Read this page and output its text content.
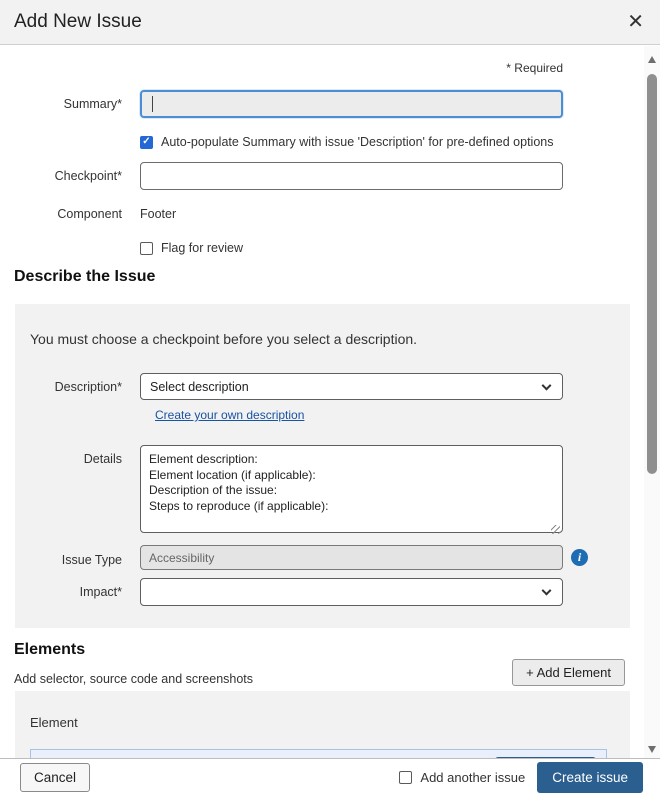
Add New Issue	✕
* Required
Summary*
✓ Auto-populate Summary with issue 'Description' for pre-defined options
Checkpoint*
Component Footer
Flag for review
Describe the Issue
You must choose a checkpoint before you select a description.
Description* Select description
Create your own description
Details
Element description: Element location (if applicable): Description of the issue: Steps to reproduce (if applicable):
Issue Type Accessibility	i
Impact*
Elements
Add selector, source code and screenshots	+ Add Element
Element
Cancel	Add another issue	Create issue
